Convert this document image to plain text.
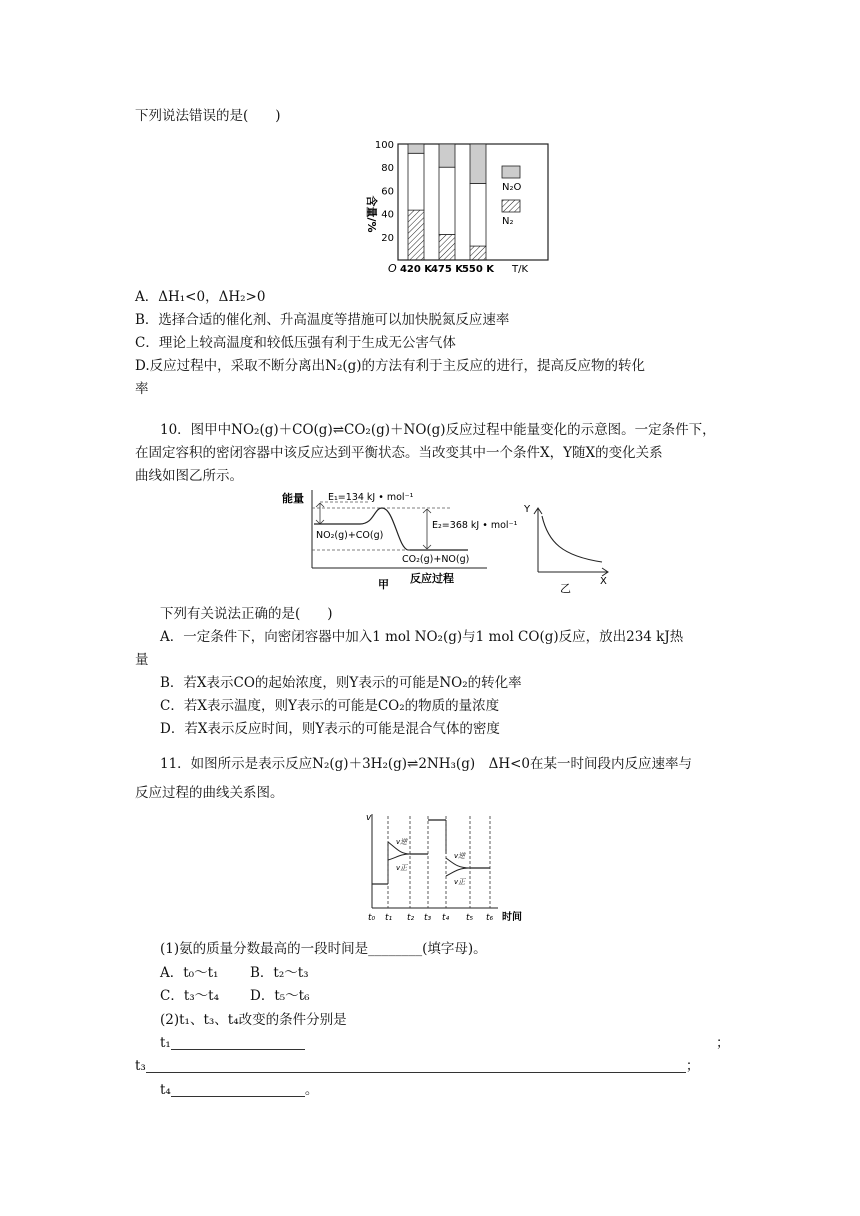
下列说法错误的是(　　)
含量/%
20
40
60
80
100
O 420 K
475 K
550 K T/K
N₂O
N₂
A．ΔH₁<0，ΔH₂>0
B．选择合适的催化剂、升高温度等措施可以加快脱氮反应速率
C．理论上较高温度和较低压强有利于生成无公害气体
D.反应过程中，采取不断分离出N₂(g)的方法有利于主反应的进行，提高反应物的转化
率
10．图甲中NO₂(g)＋CO(g)⇌CO₂(g)＋NO(g)反应过程中能量变化的示意图。一定条件下，
在固定容积的密闭容器中该反应达到平衡状态。当改变其中一个条件X，Y随X的变化关系
曲线如图乙所示。
能量	E₁=134 kJ • mol⁻¹
NO₂(g)+CO(g)
E₂=368 kJ • mol⁻¹
CO₂(g)+NO(g)
反应过程
甲
Y
X
乙
下列有关说法正确的是(　　)
A．一定条件下，向密闭容器中加入1 mol NO₂(g)与1 mol CO(g)反应，放出234 kJ热
量
B．若X表示CO的起始浓度，则Y表示的可能是NO₂的转化率
C．若X表示温度，则Y表示的可能是CO₂的物质的量浓度
D．若X表示反应时间，则Y表示的可能是混合气体的密度
11．如图所示是表示反应N₂(g)＋3H₂(g)⇌2NH₃(g)　ΔH<0在某一时间段内反应速率与
反应过程的曲线关系图。
v
v逆
v正
v逆
v正
t₀ t₁ t₂ t₃ t₄ t₅ t₆ 时间
(1)氨的质量分数最高的一段时间是________(填字母)。
A．t₀～t₁ B．t₂～t₃
C．t₃～t₄ D．t₅～t₆
(2)t₁、t₃、t₄改变的条件分别是
t₁	；
t₃	；
t₄	。
